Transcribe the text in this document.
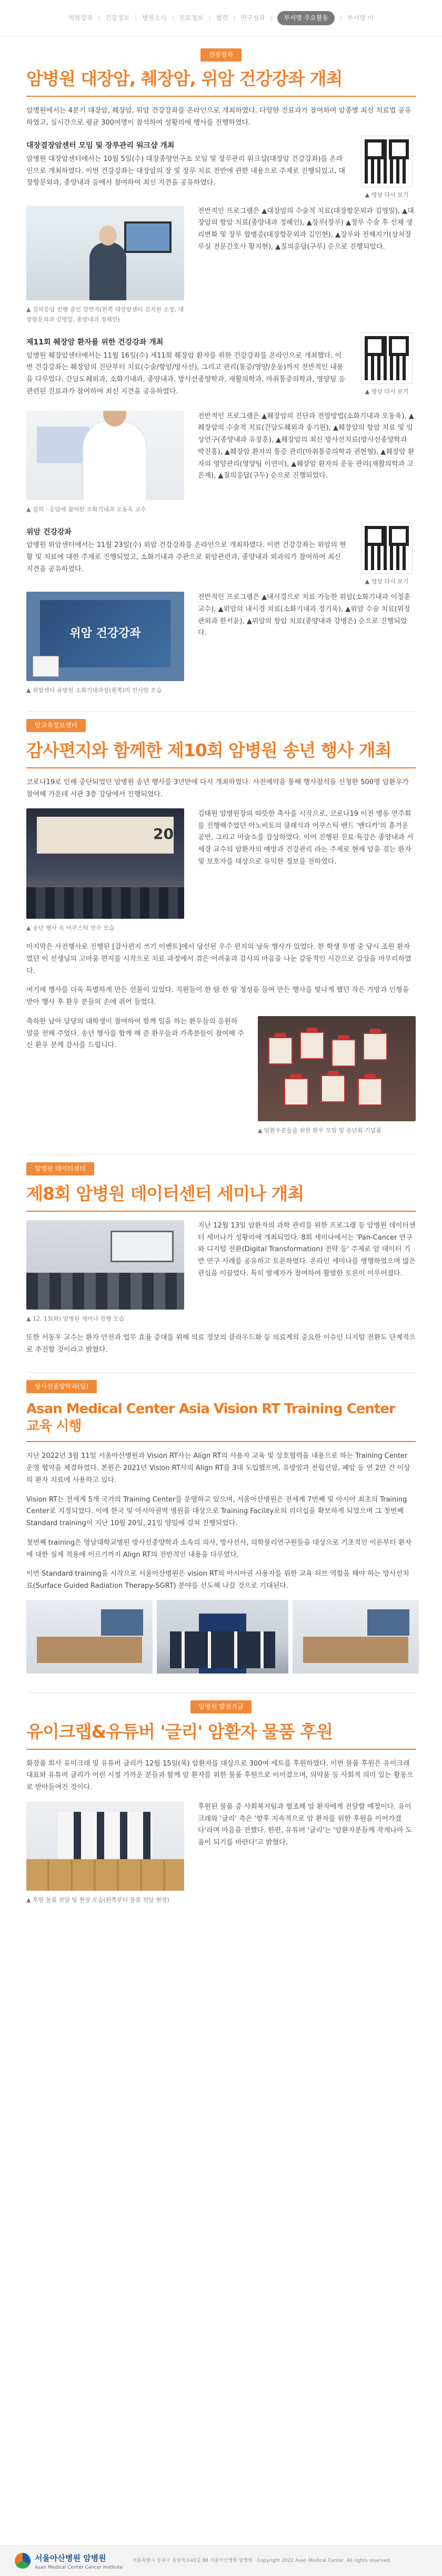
의학강좌 | 건강정보 | 병원소식 | 진료정보 | 협력 | 연구성과 |	부서별 주요활동	| 부서별 이
건강강좌
암병원 대장암, 췌장암, 위암 건강강좌 개최

암병원에서는 4분기 대장암, 췌장암, 위암 건강강좌를 온라인으로 개최하였다. 다양한 진료과가 참여하여 암종별 최신 치료법 공유하였고, 실시간으로 평균 300여명이 참석하여 성황리에 행사를 진행하였다.

대장결장암센터 모임 및 장루관리 워크샵 개최

암병원 대장암센터에서는 10월 5일(수) 대장종양연구소 모임 및 장루관리 워크샵(대장암 건강강좌)를 온라인으로 개최하였다. 이번 건강강좌는 대장암의 장 및 장루 치료 전반에 관한 내용으로 주제로 진행되었고, 대장항문외과, 종양내과 등에서 참여하여 최신 지견을 공유하였다.

▲ 영상 다시 보기
▲ 질의응답 진행 중인 강연자(왼쪽 대장암센터 김지원 소장, 대장항문외과 김영일, 종양내과 정혜인)
전반적인 프로그램은 ▲대장암의 수술적 치료(대장항문외과 김영일), ▲대장암의 항암 치료(종양내과 정혜인), ▲장루(장루) ▲장루 수술 후 신체 생리변화 및 장루 합병증(대장항문외과 김민현), ▲장루와 전해지기(상처장루실 전문간호사 황지현), ▲질의응답(구루) 순으로 진행되었다.
제11회 췌장암 환자를 위한 건강강좌 개최

암병원 췌장암센터에서는 11월 16일(수) 제11회 췌장암 환자를 위한 건강강좌를 온라인으로 개최했다. 이번 건강강좌는 췌장암의 진단부터 치료(수술/항암/방사선), 그리고 관리(통증/영양/운동)까지 전반적인 내용을 다루었다. 간담도췌외과, 소화기내과, 종양내과, 방사선종양학과, 재활의학과, 마취통증의학과, 영양팀 등 관련된 진료과가 참여하여 최신 지견을 공유하였다.	▲ 영상 다시 보기
▲ 질의 · 응답에 참여한 소화기내과 오동욱 교수
전반적인 프로그램은 ▲췌장암의 진단과 전망방법(소화기내과 오동욱), ▲췌장암의 수술적 치료(간담도췌외과 송기원), ▲췌장암의 항암 치료 및 임상연구(종양내과 유창훈), ▲췌장암의 최신 방사선치료(방사선종양학과 박진홍), ▲췌장암 환자의 통증 관리(마취통증의학과 권현형), ▲췌장암 환자의 영양관리(영양팀 이연미), ▲췌장암 환자의 운동 관리(재활의학과 고은재), ▲질의응답(구두) 순으로 진행되었다.
위암 건강강좌

암병원 위암센터에서는 11월 23일(수) 위암 건강강좌를 온라인으로 개최하였다. 이번 건강강좌는 위암의 현황 및 치료에 대한 주제로 진행되었고, 소화기내과 주관으로 위암관련과, 종양내과 외과의가 참여하여 최신 지견을 공유하였다.

▲ 영상 다시 보기
위암 건강강좌
▲ 위암센터 유방원 소화기내과장(왼쪽)의 인사말 모습
전반적인 프로그램은 ▲내시경으로 치료 가능한 위암(소화기내과 이정훈 교수), ▲위암의 내시경 치료(소화기내과 정기욱), ▲위암 수술 치료(위장관외과 한서윤), ▲위암의 항암 치료(종양내과 강병은) 순으로 진행되었다.
암교육정보센터
감사편지와 함께한 제10회 암병원 송년 행사 개최

코로나19로 인해 중단되었던 암병원 송년 행사를 3년만에 다시 개최하였다. 사전예약을 통해 행사참석을 신청한 500명 암환우가 참여해 가운데 서관 3층 강당에서 진행되었다.

20
▲ 송년 행사 속 어쿠스틱 연주 모습
김태원 암병원장의 따뜻한 축사를 시작으로, 코로나19 이전 병동 연주회를 진행해주었던 아노비토의 클래식과 어쿠스틱 밴드 '밴디카'의 흥겨운 공연, 그리고 마술쇼를 감상하였다. 이어 진행된 진료·특강은 종양내과 서세경 교수의 암환자의 예방과 건강관리 라는 주제로 현재 암을 겪는 환자 및 보호자를 대상으로 유익한 정보를 전하였다.

아지막은 사전행사로 진행된 [감사편지 쓰기 이벤트]에서 당선된 우수 편지의 낭독 행사가 있었다. 한 학생 투병 중 당시 조원 환자였던 이 선생님의 고마움 편지를 시작으로 치료 과정에서 겪은 어려움과 감사의 마음을 나눈 감동적인 시간으로 감상을 마무리하였다.

여기에 행사를 더욱 특별하게 만든 선물이 있었다. 직원들이 한 땀 한 땀 정성을 들여 만든 행사를 빛나게 했던 작은 가방과 인형을 받아 행사 후 환우 분들의 손에 쥐어 들었다.

축하한 남아 담당의 대학생이 참여하여 함께 일을 하는 환우들의 응원하 말을 전해 주었다. 송년 행사를 함께 해 준 환우들과 가족분들이 참여해 주신 환우 분께 감사를 드립니다.
▲ 암환우분들을 위한 환우 모임 및 송년회 기념품
암병원 데이터센터
제8회 암병원 데이터센터 세미나 개최
▲ 12. 13(화) 암병원 세미나 진행 모습
지난 12월 13일 암환자의 과학 관리를 위한 프로그램 등 암병원 데이터센터 세미나가 성황리에 개최되었다. 8회 세미나에서는 'Pan-Cancer 연구와 디지털 전환(Digital Transformation) 전략 등' 주제로 암 데이터 기반 연구 사례를 공유하고 토론하였다. 온라인 세미나를 병행하였으며 많은 관심을 이끌었다. 특히 발제자가 참여하여 활발한 토론이 이루어졌다.

또한 서동우 교수는 환자 안전과 업무 효율 증대를 위해 의료 정보의 클라우드화 등 의료계의 중요한 이슈인 디지털 전환도 단계적으로 추진할 것이라고 밝혔다.

방사선종양학과(팀)
Asan Medical Center Asia Vision RT Training Center
교육 시행

지난 2022년 3월 11일 서울아산병원과 Vision RT사는 Align RT의 사용자 교육 및 상호협력을 내용으로 하는 Training Center 운영 협약을 체결하였다. 본원은 2021년 Vision RT사의 Align RT를 3대 도입했으며, 유방암과 전립선암, 폐암 등 연 2만 건 이상의 환자 치료에 사용하고 있다.

Vision RT는 전세계 5개 국가의 Training Center를 운영하고 있으며, 서울아산병원은 전세계 7번째 및 아시아 최초의 Training Center로 지정되었다. 이에 한국 및 아시아권역 병원을 대상으로 Training Facility로의 리더십을 확보하게 되었으며 그 첫번째 Standard training이 지난 10월 20일, 21일 양일에 걸쳐 진행되었다.

첫번째 training은 영남대학교병원 방사선종양학과 소속의 의사, 방사선사, 의학물리연구원들을 대상으로 기초적인 이론부터 환자에 대한 실제 적용에 이르기까지 Align RT의 전반적인 내용을 다루었다.

이번 Standard training을 시작으로 서울아산병원은 vision RT의 아시아권 사용자를 위한 교육 허브 역할을 해야 하는 방사선치료(Surface Guided Radiation Therapy-SGRT) 분야를 선도해 나갈 것으로 기대된다.

암병원 발전기금
유이크랩&유튜버 '글리' 암환자 물품 후원

화장품 회사 유이크래 및 유튜버 글리가 12월 15일(목) 암환자를 대상으로 300여 세트를 후원하였다. 이번 물품 후원은 유이크래 대표와 유튜버 글리가 어린 시절 가까운 분들과 함께 암 환자를 위한 물품 후원으로 이어졌으며, 의약품 등 사회적 의미 있는 활동으로 받아들여진 것이다.

▲ 후원 물품 전달 및 현장 모습(왼쪽부터 물품 전달 현장)
후원된 물품 중 사회복지팀과 협조해 암 환자에게 전달할 예정이다. 유이크래와 '글리' 측은 '향후 지속적으로 암 환자를 위한 후원을 이어가겠다'라며 마음을 전했다. 한편, 유튜버 '글리'는 '암환자분들께 작게나마 도움이 되기를 바란다'고 밝혔다.
서울아산병원 암병원
Asan Medical Center Cancer Institute
서울특별시 송파구 올림픽로43길 88 서울아산병원 암병원 · Copyright 2022 Asan Medical Center. All rights reserved.
